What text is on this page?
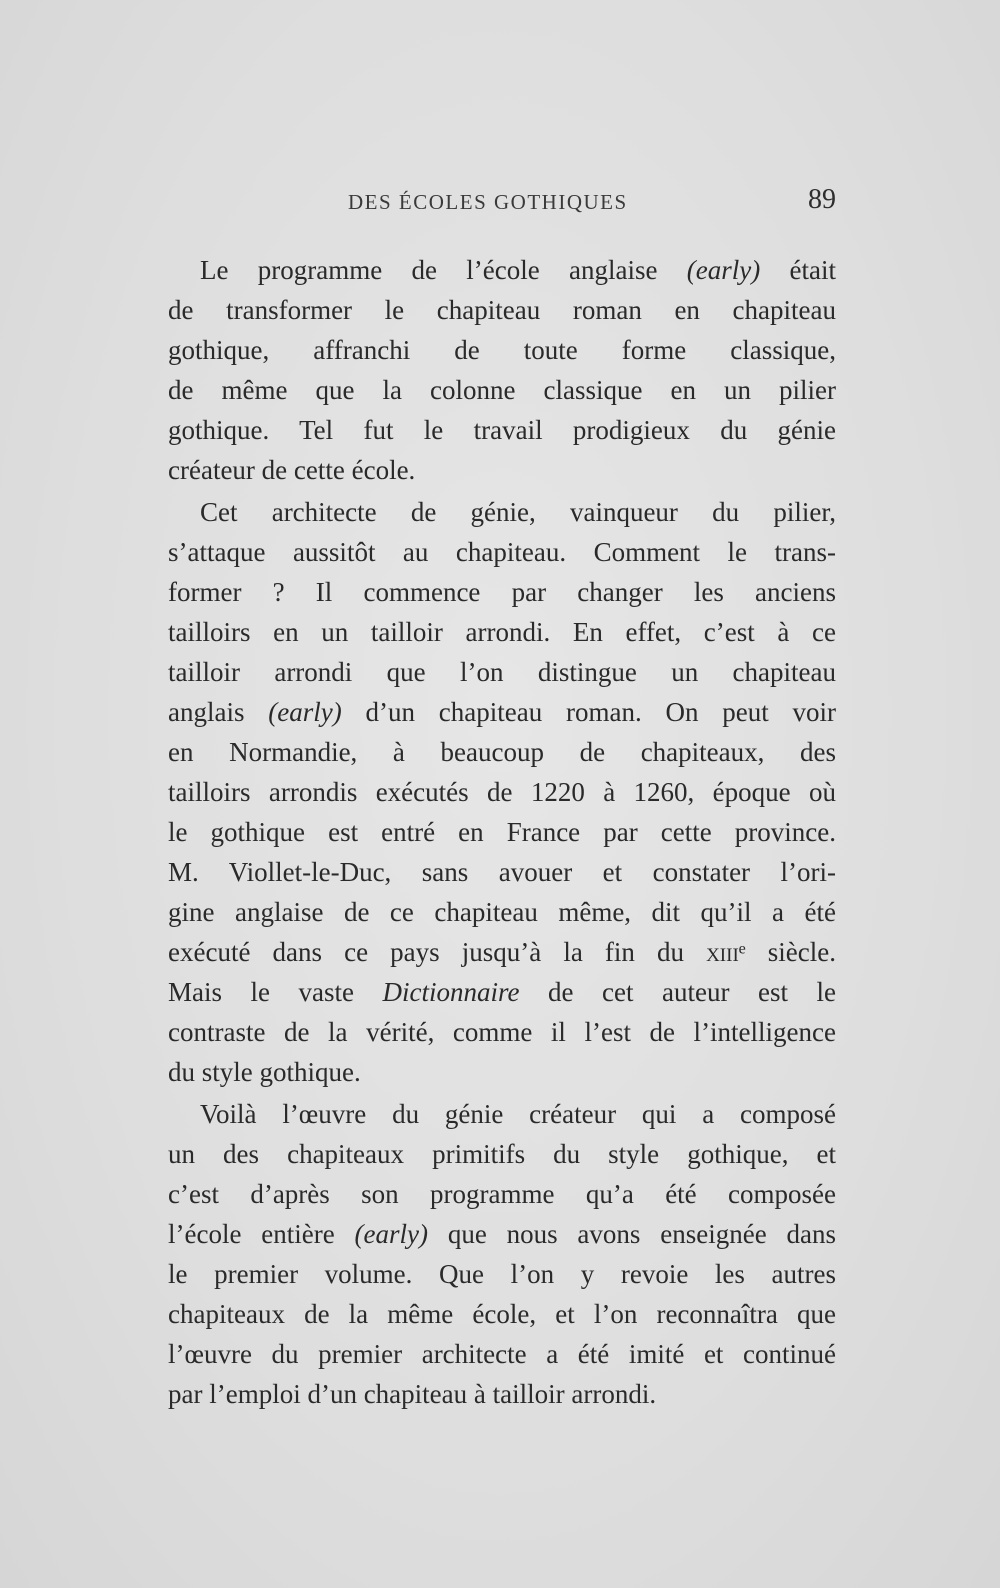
DES ÉCOLES GOTHIQUES	89
Le programme de l’école anglaise (early) était
de transformer le chapiteau roman en chapiteau
gothique, affranchi de toute forme classique,
de même que la colonne classique en un pilier
gothique. Tel fut le travail prodigieux du génie
créateur de cette école.
Cet architecte de génie, vainqueur du pilier,
s’attaque aussitôt au chapiteau. Comment le trans-
former ? Il commence par changer les anciens
tailloirs en un tailloir arrondi. En effet, c’est à ce
tailloir arrondi que l’on distingue un chapiteau
anglais (early) d’un chapiteau roman. On peut voir
en Normandie, à beaucoup de chapiteaux, des
tailloirs arrondis exécutés de 1220 à 1260, époque où
le gothique est entré en France par cette province.
M. Viollet-le-Duc, sans avouer et constater l’ori-
gine anglaise de ce chapiteau même, dit qu’il a été
exécuté dans ce pays jusqu’à la fin du xiiiᵉ siècle.
Mais le vaste Dictionnaire de cet auteur est le
contraste de la vérité, comme il l’est de l’intelligence
du style gothique.
Voilà l’œuvre du génie créateur qui a composé
un des chapiteaux primitifs du style gothique, et
c’est d’après son programme qu’a été composée
l’école entière (early) que nous avons enseignée dans
le premier volume. Que l’on y revoie les autres
chapiteaux de la même école, et l’on reconnaîtra que
l’œuvre du premier architecte a été imité et continué
par l’emploi d’un chapiteau à tailloir arrondi.
